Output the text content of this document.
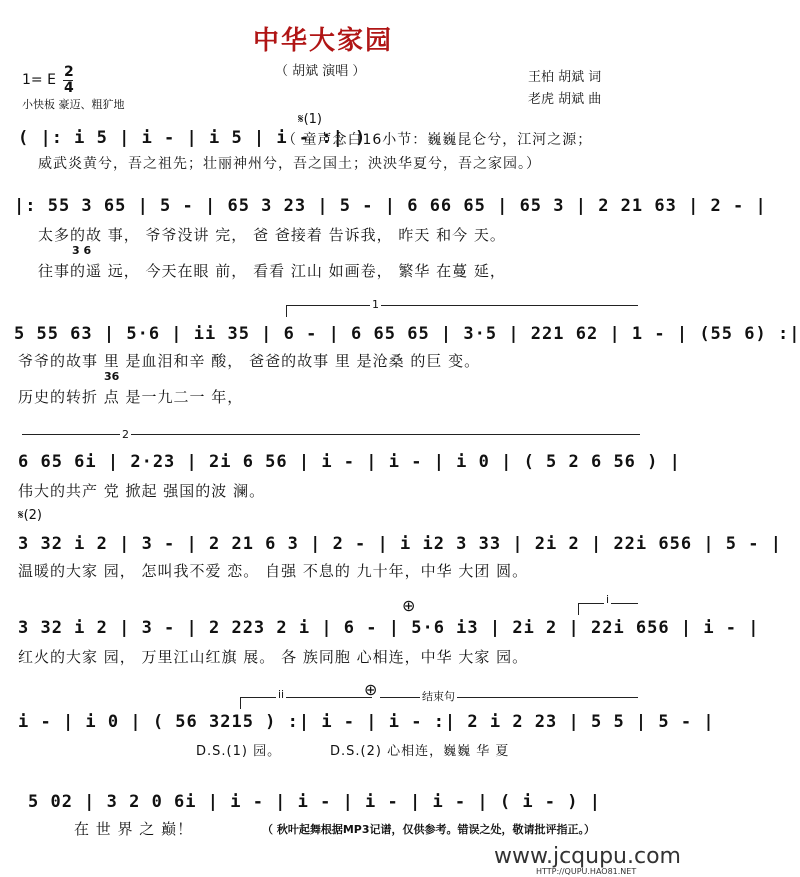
中华大家园
（ 胡斌 演唱 ）
1= E 2
4
小快板 豪迈、粗犷地
王柏 胡斌 词
老虎 胡斌 曲
𝄋(1)
( |: i 5 | i - | i 5 | i - :| )
（ 童声念白16小节：巍巍昆仑兮，江河之源；
威武炎黄兮，吾之祖先；壮丽神州兮，吾之国土；泱泱华夏兮，吾之家园。）
|: 55 3 65 | 5 - | 65 3 23 | 5 - | 6 66 65 | 65 3 | 2 21 63 | 2 - |
太多的故 事， 爷爷没讲 完， 爸 爸接着 告诉我， 昨天 和今 天。
3 6
往事的遥 远， 今天在眼 前， 看看 江山 如画卷， 繁华 在蔓 延，
1
5 55 63 | 5·6 | ii 35 | 6 - | 6 65 65 | 3·5 | 221 62 | 1 - | (55 6) :|
爷爷的故事 里 是血泪和辛 酸， 爸爸的故事 里 是沧桑 的巨 变。
36
历史的转折 点 是一九二一 年，
2
6 65 6i | 2·23 | 2i 6 56 | i - | i - | i 0 | ( 5 2 6 56 ) |
伟大的共产 党 掀起 强国的波 澜。
𝄋(2)
3 32 i 2 | 3 - | 2 21 6 3 | 2 - | i i2 3 33 | 2i 2 | 22i 656 | 5 - |
温暖的大家 园， 怎叫我不爱 恋。 自强 不息的 九十年，中华 大团 圆。
⊕	i
3 32 i 2 | 3 - | 2 223 2 i | 6 - | 5·6 i3 | 2i 2 | 22i 656 | i - |
红火的大家 园， 万里江山红旗 展。 各 族同胞 心相连，中华 大家 园。
ii	⊕	结束句
i - | i 0 | ( 56 3215 ) :| i - | i - :| 2 i 2 23 | 5 5 | 5 - |
D.S.(1) 园。	D.S.(2) 心相连，巍巍 华 夏
5 02 | 3 2 0 6i | i - | i - | i - | i - | ( i - ) |
在 世 界 之 巅！	（ 秋叶起舞根据MP3记谱，仅供参考。错误之处，敬请批评指正。）
www.jcqupu.com
HTTP://QUPU.HAO81.NET
